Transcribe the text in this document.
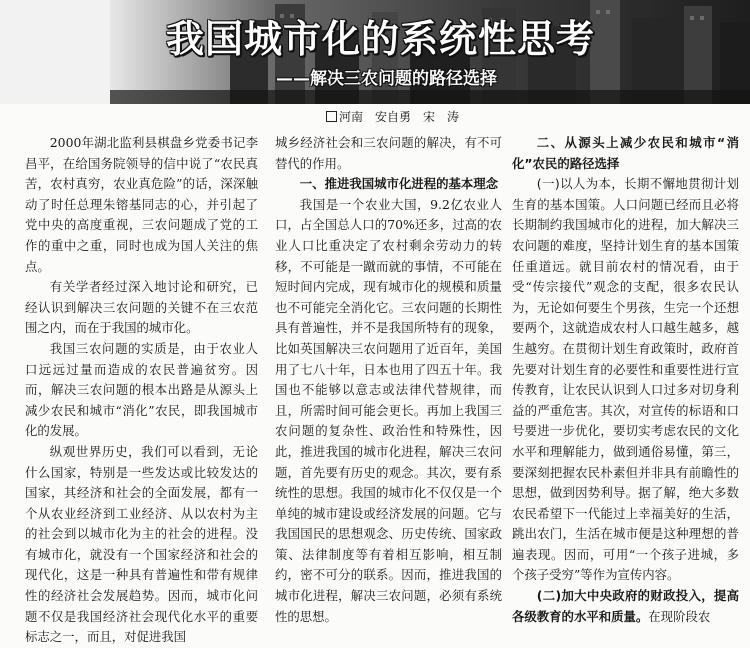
我国城市化的系统性思考
——解决三农问题的路径选择
河南　安自勇　宋　涛

2000年湖北监利县棋盘乡党委书记李昌平，在给国务院领导的信中说了“农民真苦，农村真穷，农业真危险”的话，深深触动了时任总理朱镕基同志的心，并引起了党中央的高度重视，三农问题成了党的工作的重中之重，同时也成为国人关注的焦点。

有关学者经过深入地讨论和研究，已经认识到解决三农问题的关键不在三农范围之内，而在于我国的城市化。

我国三农问题的实质是，由于农业人口远远过量而造成的农民普遍贫穷。因而，解决三农问题的根本出路是从源头上减少农民和城市“消化”农民，即我国城市化的发展。

纵观世界历史，我们可以看到，无论什么国家，特别是一些发达或比较发达的国家，其经济和社会的全面发展，都有一个从农业经济到工业经济、从以农村为主的社会到以城市化为主的社会的进程。没有城市化，就没有一个国家经济和社会的现代化，这是一种具有普遍性和带有规律性的经济社会发展趋势。因而，城市化问题不仅是我国经济社会现代化水平的重要标志之一，而且，对促进我国

城乡经济社会和三农问题的解决，有不可替代的作用。

一、推进我国城市化进程的基本理念

我国是一个农业大国，9.2亿农业人口，占全国总人口的70%还多，过高的农业人口比重决定了农村剩余劳动力的转移，不可能是一蹴而就的事情，不可能在短时间内完成，现有城市化的规模和质量也不可能完全消化它。三农问题的长期性具有普遍性，并不是我国所特有的现象，比如英国解决三农问题用了近百年，美国用了七八十年，日本也用了四五十年。我国也不能够以意志或法律代替规律，而且，所需时间可能会更长。再加上我国三农问题的复杂性、政治性和特殊性，因此，推进我国的城市化进程，解决三农问题，首先要有历史的观念。其次，要有系统性的思想。我国的城市化不仅仅是一个单纯的城市建设或经济发展的问题。它与我国国民的思想观念、历史传统、国家政策、法律制度等有着相互影响，相互制约，密不可分的联系。因而，推进我国的城市化进程，解决三农问题，必须有系统性的思想。

二、从源头上减少农民和城市“消化”农民的路径选择

(一)以人为本，长期不懈地贯彻计划生育的基本国策。人口问题已经而且必将长期制约我国城市化的进程，加大解决三农问题的难度，坚持计划生育的基本国策任重道远。就目前农村的情况看，由于受“传宗接代”观念的支配，很多农民认为，无论如何要生个男孩，生完一个还想要两个，这就造成农村人口越生越多，越生越穷。在贯彻计划生育政策时，政府首先要对计划生育的必要性和重要性进行宣传教育，让农民认识到人口过多对切身利益的严重危害。其次，对宣传的标语和口号要进一步优化，要切实考虑农民的文化水平和理解能力，做到通俗易懂，第三，要深刻把握农民朴素但并非具有前瞻性的思想，做到因势利导。据了解，绝大多数农民希望下一代能过上幸福美好的生活，跳出农门，生活在城市便是这种理想的普遍表现。因而，可用“一个孩子进城，多个孩子受穷”等作为宣传内容。

(二)加大中央政府的财政投入，提高各级教育的水平和质量。在现阶段农
